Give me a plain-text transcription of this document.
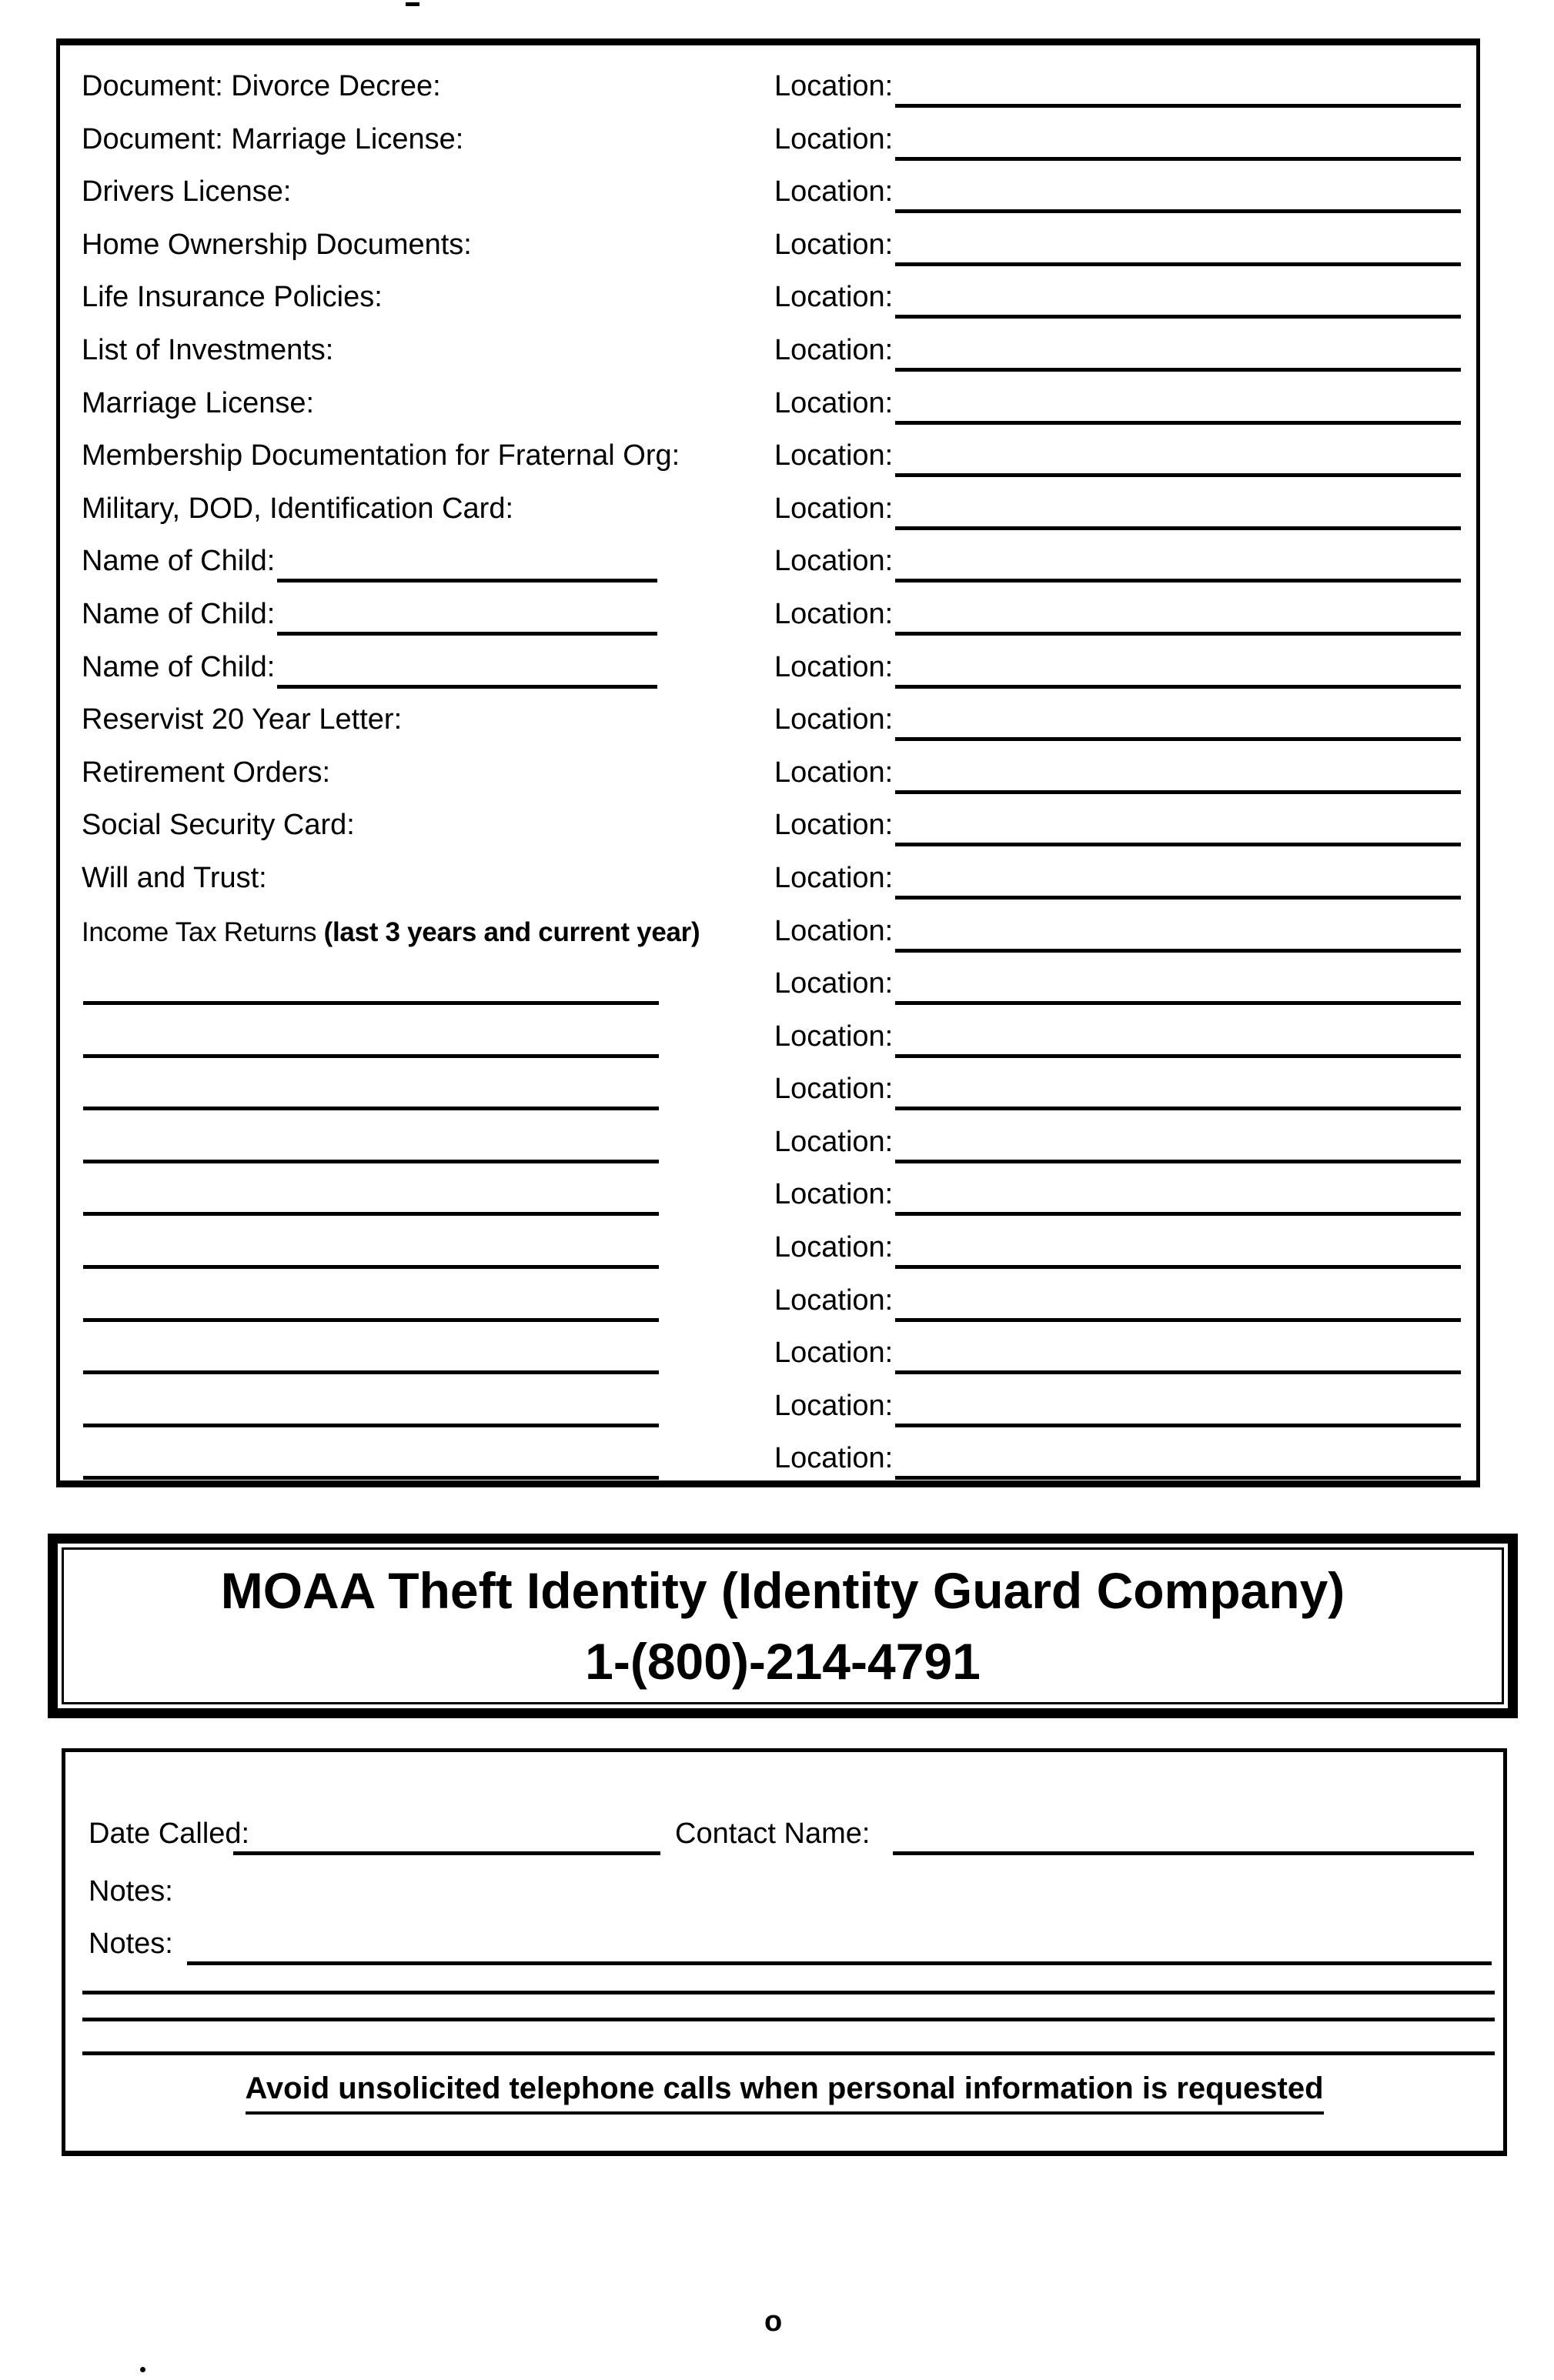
Document: Divorce Decree:	Location:
Document: Marriage License:	Location:
Drivers License:	Location:
Home Ownership Documents:	Location:
Life Insurance Policies:	Location:
List of Investments:	Location:
Marriage License:	Location:
Membership Documentation for Fraternal Org:	Location:
Military, DOD, Identification Card:	Location:
Name of Child:	Location:
Name of Child:	Location:
Name of Child:	Location:
Reservist 20 Year Letter:	Location:
Retirement Orders:	Location:
Social Security Card:	Location:
Will and Trust:	Location:
Income Tax Returns (last 3 years and current year)	Location:
Location:
Location:
Location:
Location:
Location:
Location:
Location:
Location:
Location:
Location:
MOAA Theft Identity (Identity Guard Company)
1-(800)-214-4791
Date Called:	Contact Name:
Notes:
Notes:
Avoid unsolicited telephone calls when personal information is requested
o
